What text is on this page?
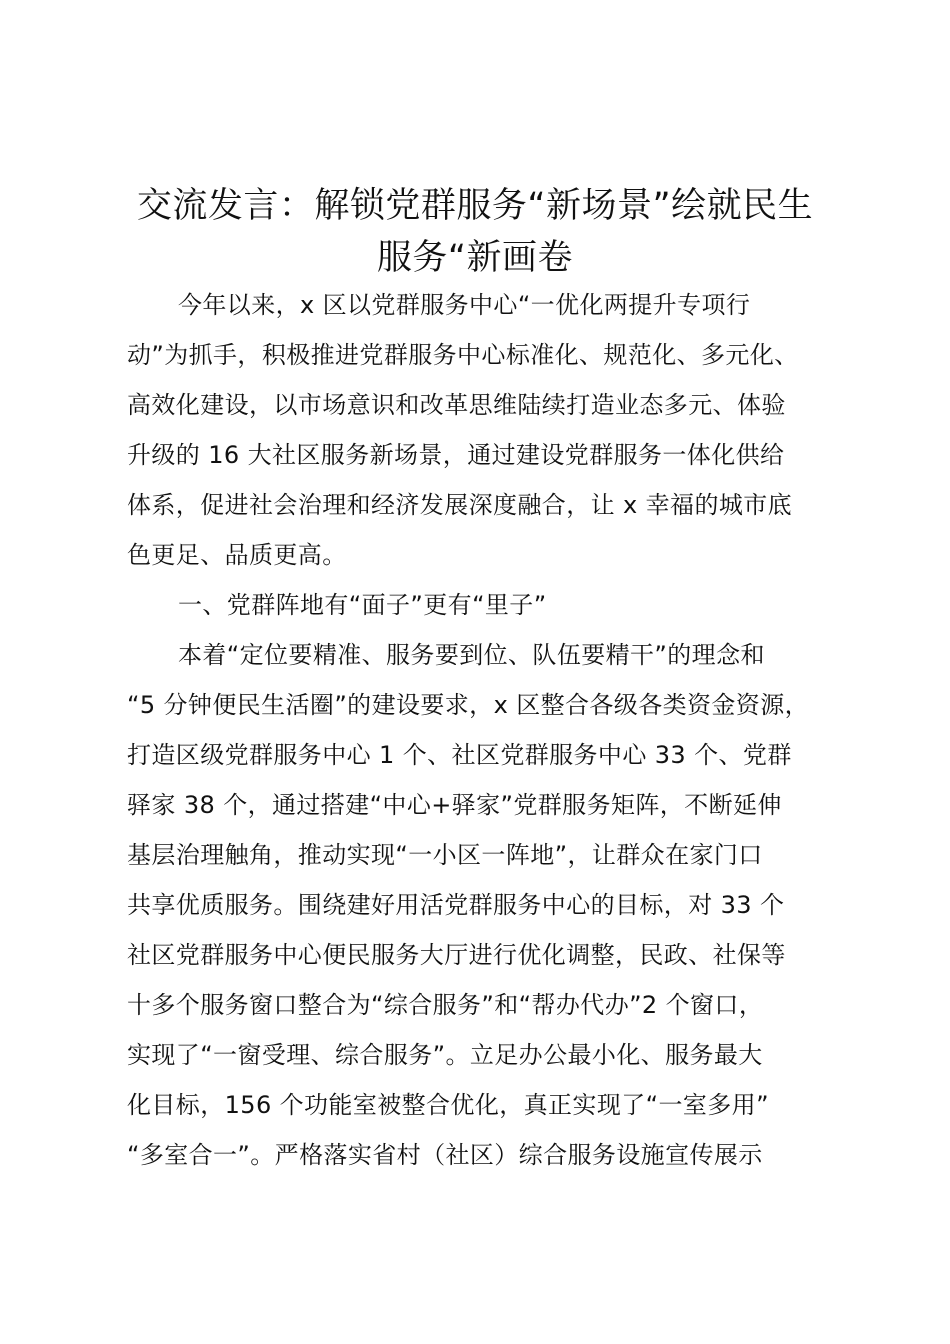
交流发言：解锁党群服务“新场景”绘就民生
服务“新画卷
今年以来，x 区以党群服务中心“一优化两提升专项行
动”为抓手，积极推进党群服务中心标准化、规范化、多元化、
高效化建设，以市场意识和改革思维陆续打造业态多元、体验
升级的 16 大社区服务新场景，通过建设党群服务一体化供给
体系，促进社会治理和经济发展深度融合，让 x 幸福的城市底
色更足、品质更高。
一、党群阵地有“面子”更有“里子”
本着“定位要精准、服务要到位、队伍要精干”的理念和
“5 分钟便民生活圈”的建设要求，x 区整合各级各类资金资源，
打造区级党群服务中心 1 个、社区党群服务中心 33 个、党群
驿家 38 个，通过搭建“中心+驿家”党群服务矩阵，不断延伸
基层治理触角，推动实现“一小区一阵地”，让群众在家门口
共享优质服务。围绕建好用活党群服务中心的目标，对 33 个
社区党群服务中心便民服务大厅进行优化调整，民政、社保等
十多个服务窗口整合为“综合服务”和“帮办代办”2 个窗口，
实现了“一窗受理、综合服务”。立足办公最小化、服务最大
化目标，156 个功能室被整合优化，真正实现了“一室多用”
“多室合一”。严格落实省村（社区）综合服务设施宣传展示
